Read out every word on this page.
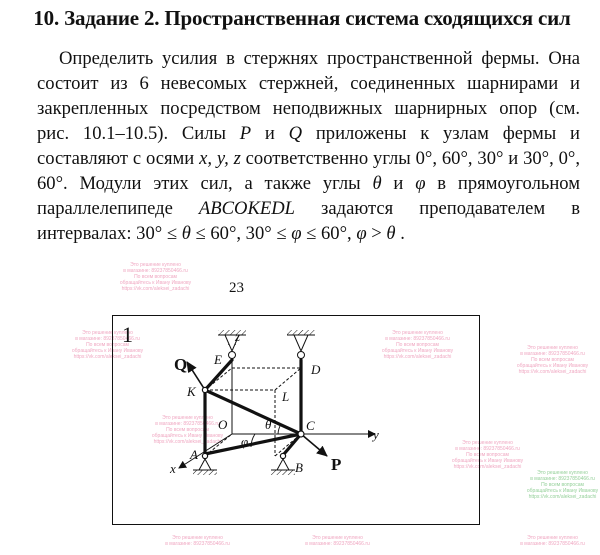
10. Задание 2. Пространственная система сходящихся сил
Определить усилия в стержнях пространственной фермы. Она состоит из 6 невесомых стержней, соединенных шарнирами и закрепленных посредством неподвижных шарнирных опор (см. рис. 10.1–10.5). Силы P и Q приложены к узлам фермы и составляют с осями x, y, z соответственно углы 0°, 60°, 30° и 30°, 0°, 60°. Модули этих сил, а также углы θ и φ в прямоугольном параллелепипеде ABCOKEDL задаются преподавателем в интервалах: 30° ≤ θ ≤ 60°, 30° ≤ φ ≤ 60°, φ > θ .
23
Это решение куплено
в магазине: 89237850466.ru
По всем вопросам
обращайтесь к Ивану Иванову
https://vk.com/aleksei_zadachi
Это решение куплено
в магазине: 89237850466.ru
По всем вопросам
обращайтесь к Ивану Иванову
https://vk.com/aleksei_zadachi
Это решение куплено
в магазине: 89237850466.ru
По всем вопросам
обращайтесь к Ивану Иванову
https://vk.com/aleksei_zadachi
Это решение куплено
в магазине: 89237850466.ru
По всем вопросам
обращайтесь к Ивану Иванову
https://vk.com/aleksei_zadachi
Это решение куплено
в магазине: 89237850466.ru
По всем вопросам
обращайтесь к Ивану Иванову
https://vk.com/aleksei_zadachi	Это решение куплено
в магазине: 89237850466.ru
По всем вопросам
обращайтесь к Ивану Иванову
https://vk.com/aleksei_zadachi
Это решение куплено
в магазине: 89237850466.ru
По всем вопросам
обращайтесь к Ивану Иванову
https://vk.com/aleksei_zadachi
Это решение куплено
в магазине: 89237850466.ru
Это решение куплено
в магазине: 89237850466.ru
Это решение куплено
в магазине: 89237850466.ru
1	z
E
D
K	L
O	θ
φ
C
y
A
B
x
Q
P
